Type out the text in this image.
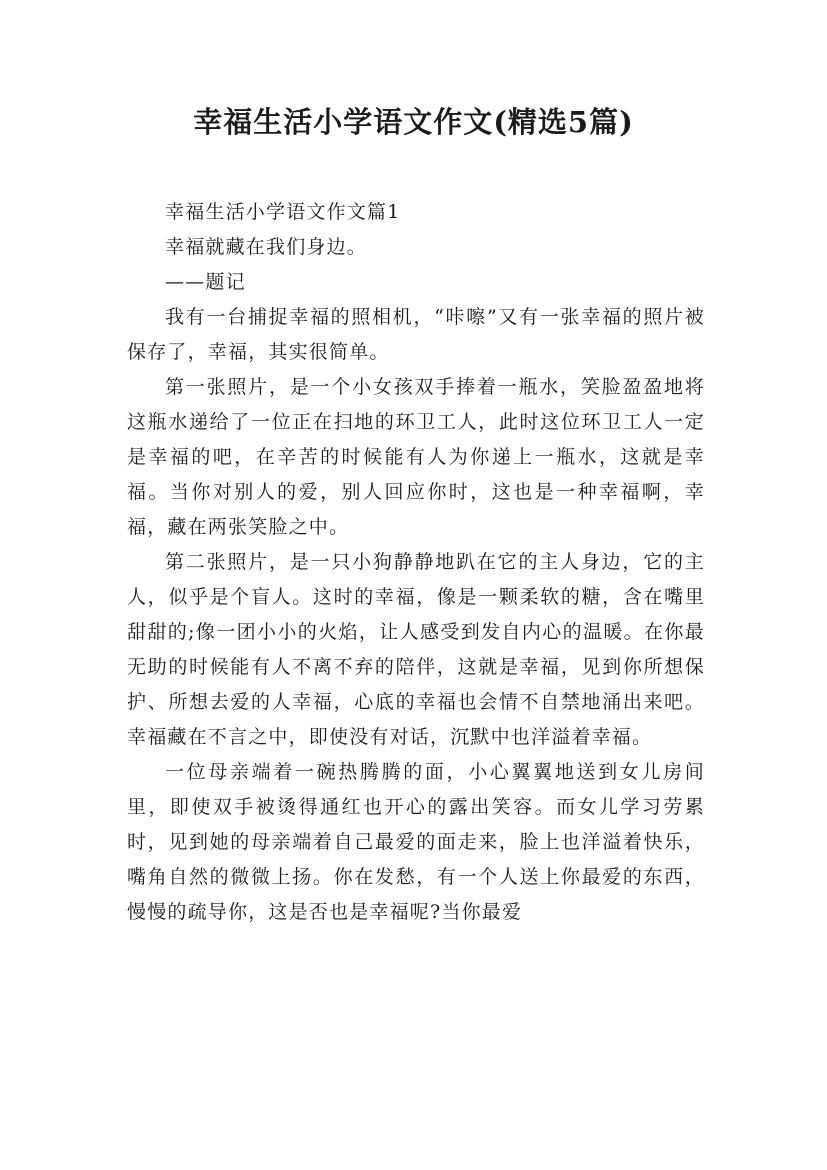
幸福生活小学语文作文(精选5篇)

幸福生活小学语文作文篇1

幸福就藏在我们身边。

——题记

我有一台捕捉幸福的照相机，“咔嚓”又有一张幸福的照片被保存了，幸福，其实很简单。

第一张照片，是一个小女孩双手捧着一瓶水，笑脸盈盈地将这瓶水递给了一位正在扫地的环卫工人，此时这位环卫工人一定是幸福的吧，在辛苦的时候能有人为你递上一瓶水，这就是幸福。当你对别人的爱，别人回应你时，这也是一种幸福啊，幸福，藏在两张笑脸之中。

第二张照片，是一只小狗静静地趴在它的主人身边，它的主人，似乎是个盲人。这时的幸福，像是一颗柔软的糖，含在嘴里甜甜的;像一团小小的火焰，让人感受到发自内心的温暖。在你最无助的时候能有人不离不弃的陪伴，这就是幸福，见到你所想保护、所想去爱的人幸福，心底的幸福也会情不自禁地涌出来吧。幸福藏在不言之中，即使没有对话，沉默中也洋溢着幸福。

一位母亲端着一碗热腾腾的面，小心翼翼地送到女儿房间里，即使双手被烫得通红也开心的露出笑容。而女儿学习劳累时，见到她的母亲端着自己最爱的面走来，脸上也洋溢着快乐，嘴角自然的微微上扬。你在发愁，有一个人送上你最爱的东西，慢慢的疏导你，这是否也是幸福呢?当你最爱
